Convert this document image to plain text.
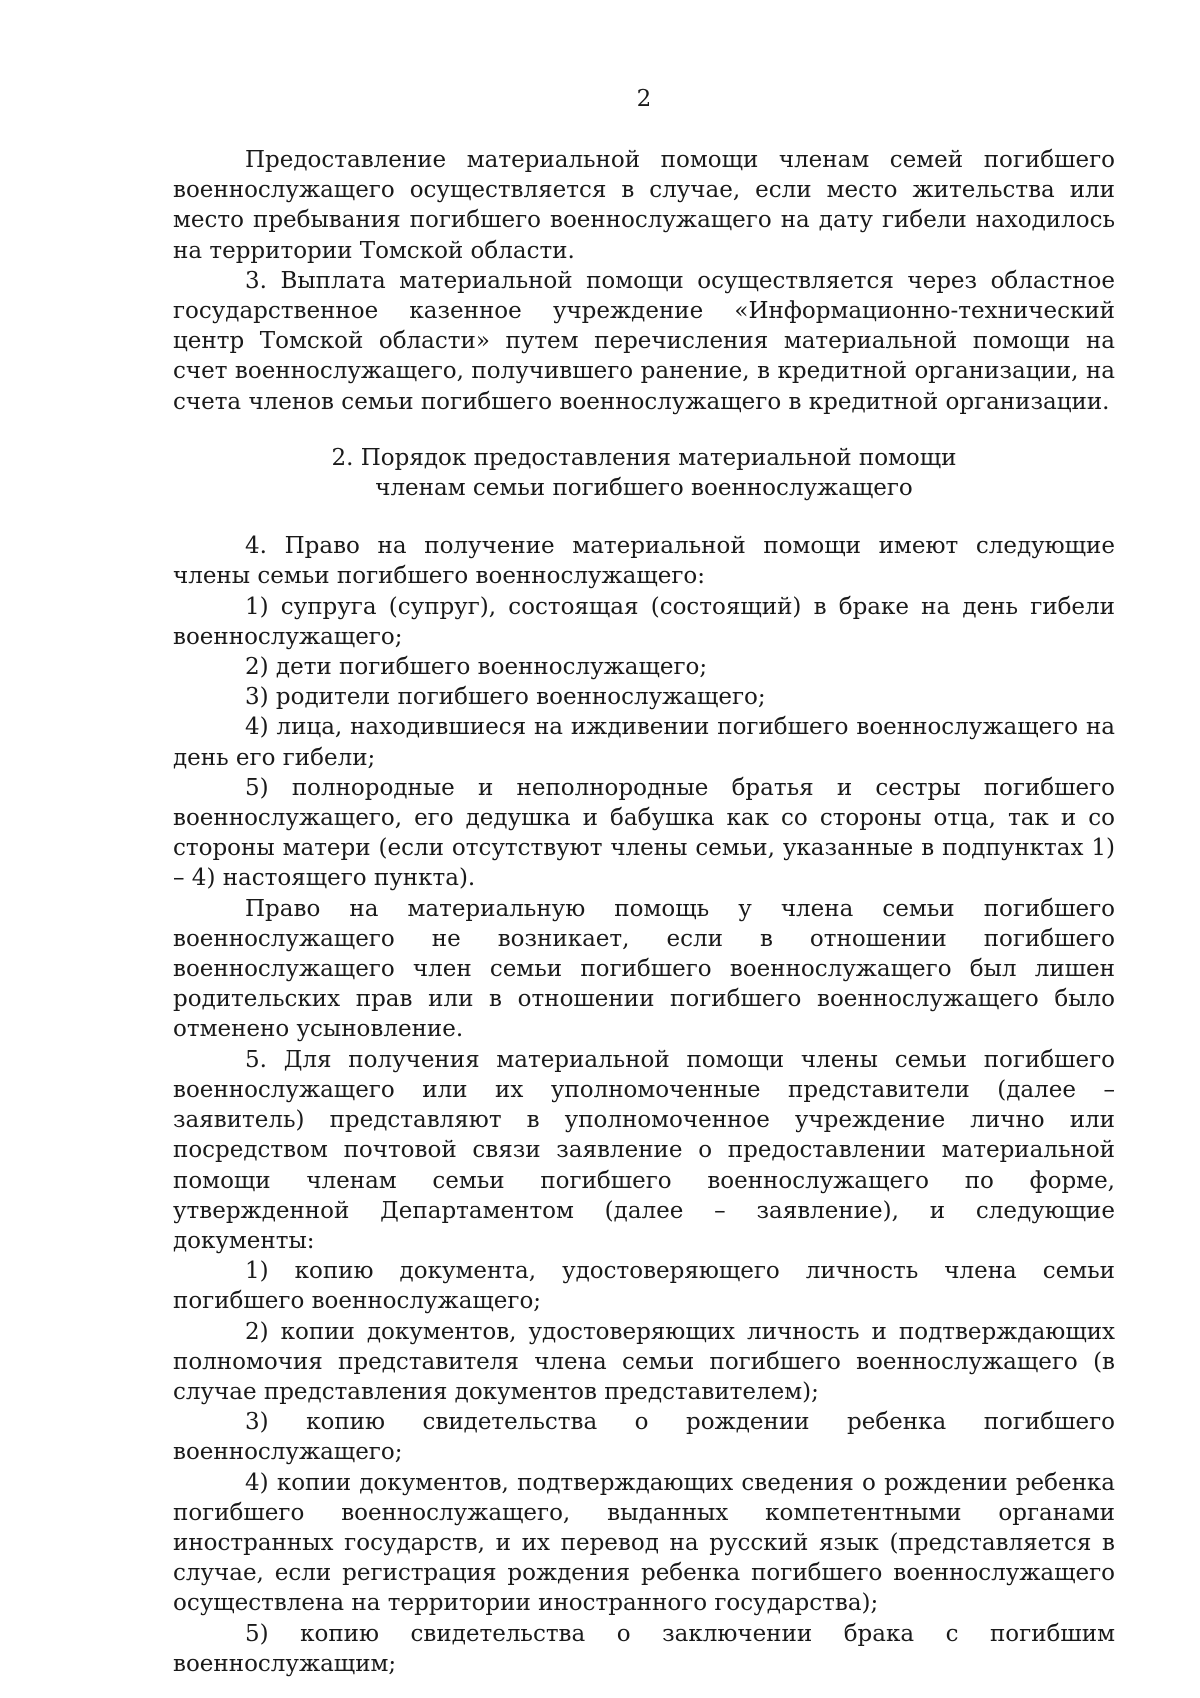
2

Предоставление материальной помощи членам семей погибшего военнослужащего осуществляется в случае, если место жительства или место пребывания погибшего военнослужащего на дату гибели находилось на территории Томской области.

3. Выплата материальной помощи осуществляется через областное государственное казенное учреждение «Информационно-технический центр Томской области» путем перечисления материальной помощи на счет военнослужащего, получившего ранение, в кредитной организации, на счета членов семьи погибшего военнослужащего в кредитной организации.

2. Порядок предоставления материальной помощи
членам семьи погибшего военнослужащего

4. Право на получение материальной помощи имеют следующие члены семьи погибшего военнослужащего:

1) супруга (супруг), состоящая (состоящий) в браке на день гибели военнослужащего;

2) дети погибшего военнослужащего;

3) родители погибшего военнослужащего;

4) лица, находившиеся на иждивении погибшего военнослужащего на день его гибели;

5) полнородные и неполнородные братья и сестры погибшего военнослужащего, его дедушка и бабушка как со стороны отца, так и со стороны матери (если отсутствуют члены семьи, указанные в подпунктах 1) – 4) настоящего пункта).

Право на материальную помощь у члена семьи погибшего военнослужащего не возникает, если в отношении погибшего военнослужащего член семьи погибшего военнослужащего был лишен родительских прав или в отношении погибшего военнослужащего было отменено усыновление.

5. Для получения материальной помощи члены семьи погибшего военнослужащего или их уполномоченные представители (далее – заявитель) представляют в уполномоченное учреждение лично или посредством почтовой связи заявление о предоставлении материальной помощи членам семьи погибшего военнослужащего по форме, утвержденной Департаментом (далее – заявление), и следующие документы:

1) копию документа, удостоверяющего личность члена семьи погибшего военнослужащего;

2) копии документов, удостоверяющих личность и подтверждающих полномочия представителя члена семьи погибшего военнослужащего (в случае представления документов представителем);

3) копию свидетельства о рождении ребенка погибшего военнослужащего;

4) копии документов, подтверждающих сведения о рождении ребенка погибшего военнослужащего, выданных компетентными органами иностранных государств, и их перевод на русский язык (представляется в случае, если регистрация рождения ребенка погибшего военнослужащего осуществлена на территории иностранного государства);

5) копию свидетельства о заключении брака с погибшим военнослужащим;
